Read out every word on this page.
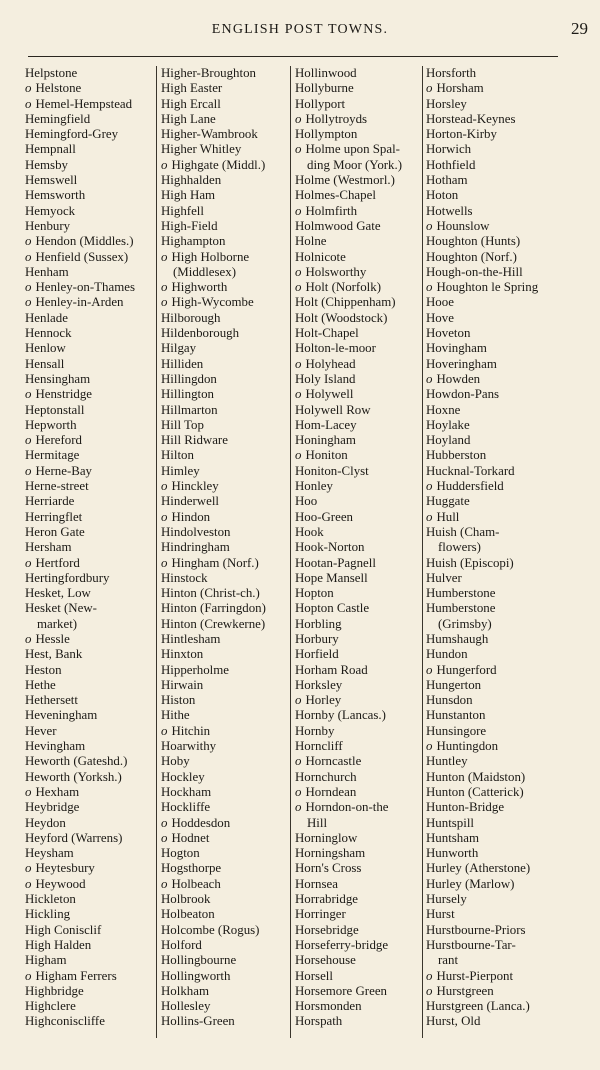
ENGLISH POST TOWNS.	29
Helpstone
o Helstone
o Hemel-Hempstead
Hemingfield
Hemingford-Grey
Hempnall
Hemsby
Hemswell
Hemsworth
Hemyock
Henbury
o Hendon (Middles.)
o Henfield (Sussex)
Henham
o Henley-on-Thames
o Henley-in-Arden
Henlade
Hennock
Henlow
Hensall
Hensingham
o Henstridge
Heptonstall
Hepworth
o Hereford
Hermitage
o Herne-Bay
Herne-street
Herriarde
Herringflet
Heron Gate
Hersham
o Hertford
Hertingfordbury
Hesket, Low
Hesket (New-
market)
o Hessle
Hest, Bank
Heston
Hethe
Hethersett
Heveningham
Hever
Hevingham
Heworth (Gateshd.)
Heworth (Yorksh.)
o Hexham
Heybridge
Heydon
Heyford (Warrens)
Heysham
o Heytesbury
o Heywood
Hickleton
Hickling
High Conisclif
High Halden
Higham
o Higham Ferrers
Highbridge
Highclere
Highconiscliffe
Higher-Broughton
High Easter
High Ercall
High Lane
Higher-Wambrook
Higher Whitley
o Highgate (Middl.)
Highhalden
High Ham
Highfell
High-Field
Highampton
o High Holborne
(Middlesex)
o Highworth
o High-Wycombe
Hilborough
Hildenborough
Hilgay
Hilliden
Hillingdon
Hillington
Hillmarton
Hill Top
Hill Ridware
Hilton
Himley
o Hinckley
Hinderwell
o Hindon
Hindolveston
Hindringham
o Hingham (Norf.)
Hinstock
Hinton (Christ-ch.)
Hinton (Farringdon)
Hinton (Crewkerne)
Hintlesham
Hinxton
Hipperholme
Hirwain
Histon
Hithe
o Hitchin
Hoarwithy
Hoby
Hockley
Hockham
Hockliffe
o Hoddesdon
o Hodnet
Hogton
Hogsthorpe
o Holbeach
Holbrook
Holbeaton
Holcombe (Rogus)
Holford
Hollingbourne
Hollingworth
Holkham
Hollesley
Hollins-Green
Hollinwood
Hollyburne
Hollyport
o Hollytroyds
Hollympton
o Holme upon Spal-
ding Moor (York.)
Holme (Westmorl.)
Holmes-Chapel
o Holmfirth
Holmwood Gate
Holne
Holnicote
o Holsworthy
o Holt (Norfolk)
Holt (Chippenham)
Holt (Woodstock)
Holt-Chapel
Holton-le-moor
o Holyhead
Holy Island
o Holywell
Holywell Row
Hom-Lacey
Honingham
o Honiton
Honiton-Clyst
Honley
Hoo
Hoo-Green
Hook
Hook-Norton
Hootan-Pagnell
Hope Mansell
Hopton
Hopton Castle
Horbling
Horbury
Horfield
Horham Road
Horksley
o Horley
Hornby (Lancas.)
Hornby
Horncliff
o Horncastle
Hornchurch
o Horndean
o Horndon-on-the
Hill
Horninglow
Horningsham
Horn's Cross
Hornsea
Horrabridge
Horringer
Horsebridge
Horseferry-bridge
Horsehouse
Horsell
Horsemore Green
Horsmonden
Horspath
Horsforth
o Horsham
Horsley
Horstead-Keynes
Horton-Kirby
Horwich
Hothfield
Hotham
Hoton
Hotwells
o Hounslow
Houghton (Hunts)
Houghton (Norf.)
Hough-on-the-Hill
o Houghton le Spring
Hooe
Hove
Hoveton
Hovingham
Hoveringham
o Howden
Howdon-Pans
Hoxne
Hoylake
Hoyland
Hubberston
Hucknal-Torkard
o Huddersfield
Huggate
o Hull
Huish (Cham-
flowers)
Huish (Episcopi)
Hulver
Humberstone
Humberstone
(Grimsby)
Humshaugh
Hundon
o Hungerford
Hungerton
Hunsdon
Hunstanton
Hunsingore
o Huntingdon
Huntley
Hunton (Maidston)
Hunton (Catterick)
Hunton-Bridge
Huntspill
Huntsham
Hunworth
Hurley (Atherstone)
Hurley (Marlow)
Hursely
Hurst
Hurstbourne-Priors
Hurstbourne-Tar-
rant
o Hurst-Pierpont
o Hurstgreen
Hurstgreen (Lanca.)
Hurst, Old
